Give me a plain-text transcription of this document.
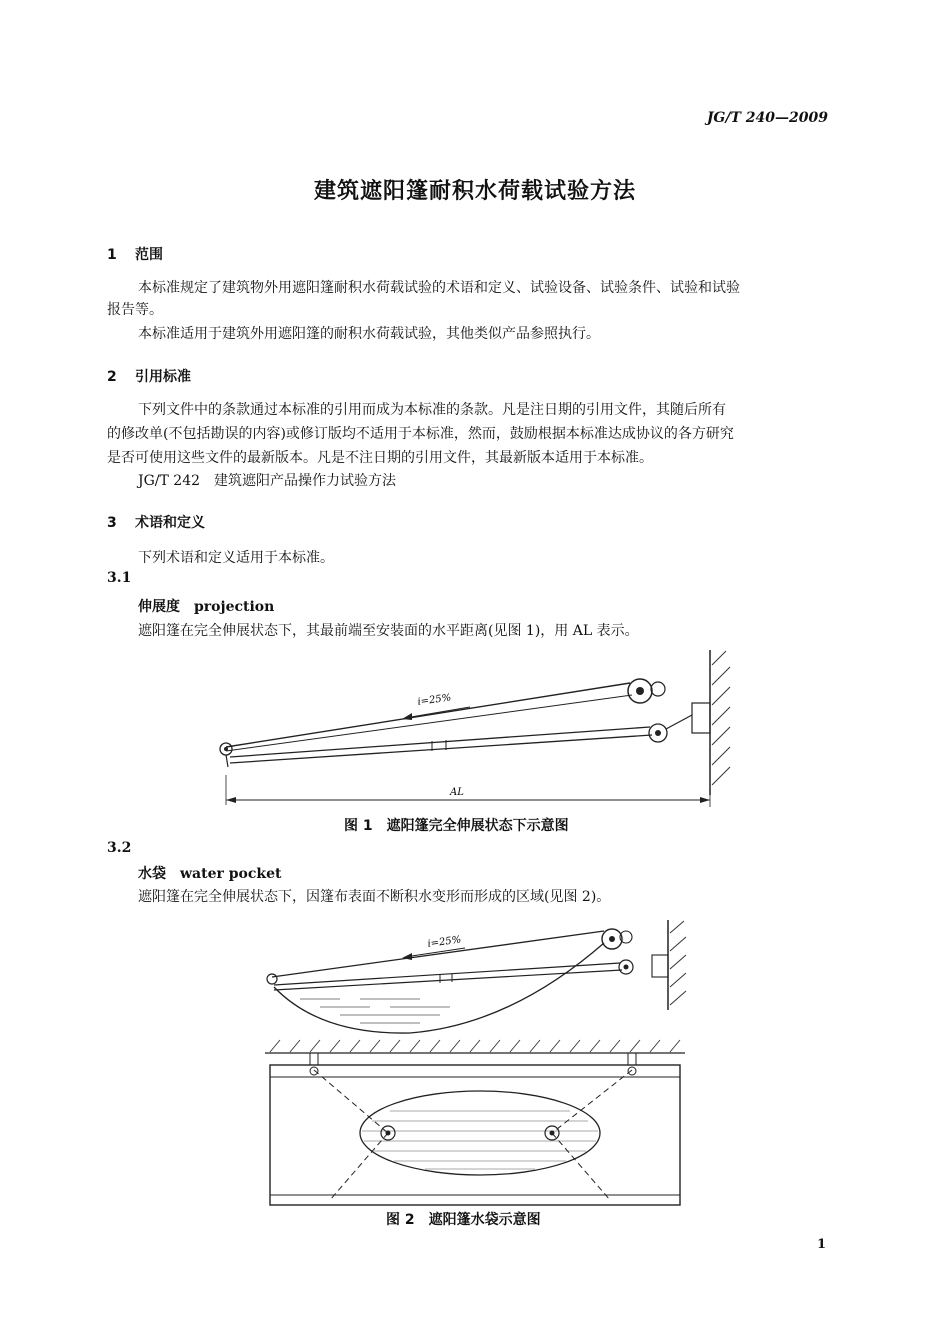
JG/T 240—2009
建筑遮阳篷耐积水荷载试验方法
1 范围
本标准规定了建筑物外用遮阳篷耐积水荷载试验的术语和定义、试验设备、试验条件、试验和试验
报告等。
本标准适用于建筑外用遮阳篷的耐积水荷载试验，其他类似产品参照执行。
2 引用标准
下列文件中的条款通过本标准的引用而成为本标准的条款。凡是注日期的引用文件，其随后所有
的修改单(不包括勘误的内容)或修订版均不适用于本标准，然而，鼓励根据本标准达成协议的各方研究
是否可使用这些文件的最新版本。凡是不注日期的引用文件，其最新版本适用于本标准。
JG/T 242　建筑遮阳产品操作力试验方法
3 术语和定义
下列术语和定义适用于本标准。
3.1
伸展度 projection
遮阳篷在完全伸展状态下，其最前端至安装面的水平距离(见图 1)，用 AL 表示。
i=25%
AL
图 1　遮阳篷完全伸展状态下示意图
3.2
水袋 water pocket
遮阳篷在完全伸展状态下，因篷布表面不断积水变形而形成的区域(见图 2)。
i=25%
图 2　遮阳篷水袋示意图
1
